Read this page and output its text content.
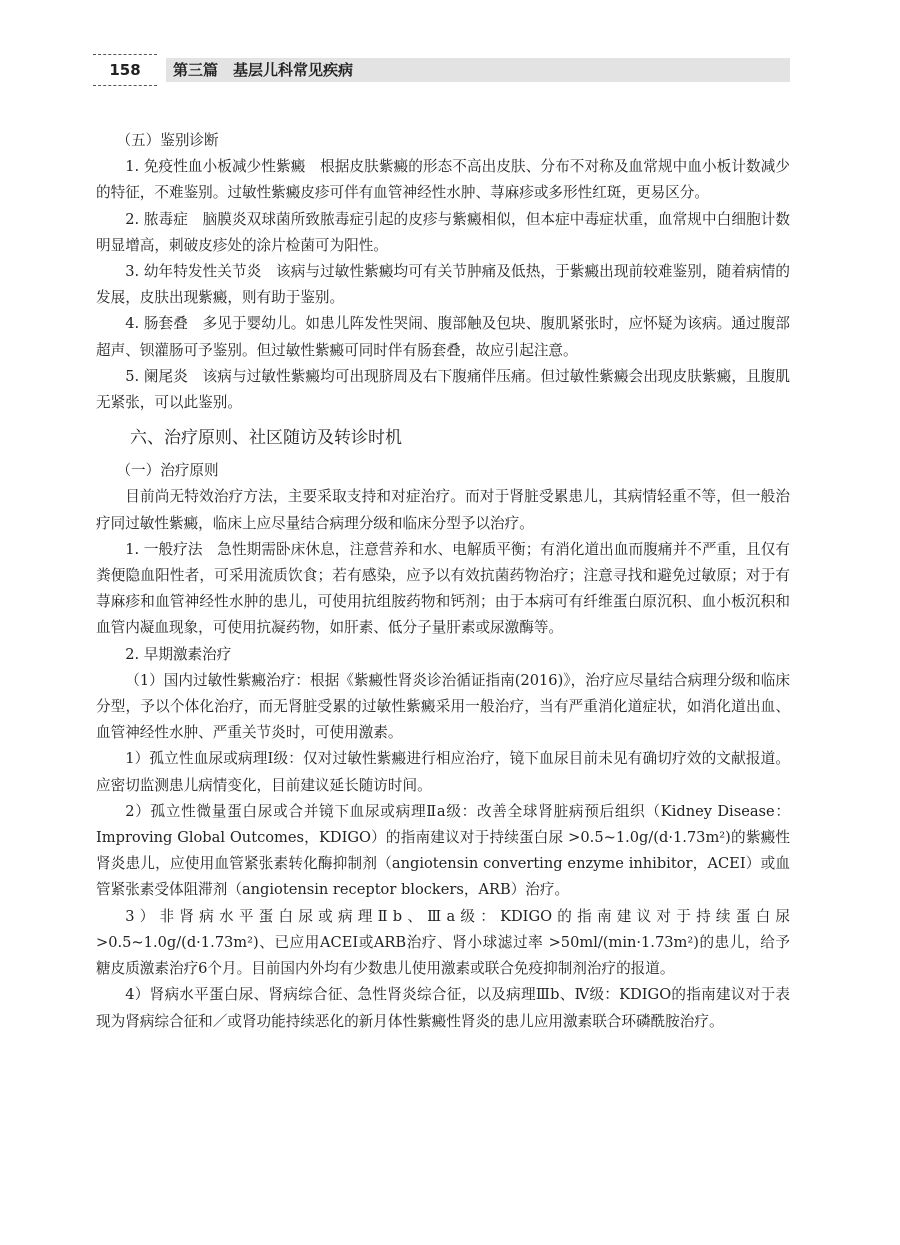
158	第三篇　基层儿科常见疾病

（五）鉴别诊断

1. 免疫性血小板减少性紫癜　根据皮肤紫癜的形态不高出皮肤、分布不对称及血常规中血小板计数减少的特征，不难鉴别。过敏性紫癜皮疹可伴有血管神经性水肿、荨麻疹或多形性红斑，更易区分。

2. 脓毒症　脑膜炎双球菌所致脓毒症引起的皮疹与紫癜相似，但本症中毒症状重，血常规中白细胞计数明显增高，刺破皮疹处的涂片检菌可为阳性。

3. 幼年特发性关节炎　该病与过敏性紫癜均可有关节肿痛及低热，于紫癜出现前较难鉴别，随着病情的发展，皮肤出现紫癜，则有助于鉴别。

4. 肠套叠　多见于婴幼儿。如患儿阵发性哭闹、腹部触及包块、腹肌紧张时，应怀疑为该病。通过腹部超声、钡灌肠可予鉴别。但过敏性紫癜可同时伴有肠套叠，故应引起注意。

5. 阑尾炎　该病与过敏性紫癜均可出现脐周及右下腹痛伴压痛。但过敏性紫癜会出现皮肤紫癜，且腹肌无紧张，可以此鉴别。

六、治疗原则、社区随访及转诊时机

（一）治疗原则

目前尚无特效治疗方法，主要采取支持和对症治疗。而对于肾脏受累患儿，其病情轻重不等，但一般治疗同过敏性紫癜，临床上应尽量结合病理分级和临床分型予以治疗。

1. 一般疗法　急性期需卧床休息，注意营养和水、电解质平衡；有消化道出血而腹痛并不严重，且仅有粪便隐血阳性者，可采用流质饮食；若有感染，应予以有效抗菌药物治疗；注意寻找和避免过敏原；对于有荨麻疹和血管神经性水肿的患儿，可使用抗组胺药物和钙剂；由于本病可有纤维蛋白原沉积、血小板沉积和血管内凝血现象，可使用抗凝药物，如肝素、低分子量肝素或尿激酶等。

2. 早期激素治疗

（1）国内过敏性紫癜治疗：根据《紫癜性肾炎诊治循证指南(2016)》，治疗应尽量结合病理分级和临床分型，予以个体化治疗，而无肾脏受累的过敏性紫癜采用一般治疗，当有严重消化道症状，如消化道出血、血管神经性水肿、严重关节炎时，可使用激素。

1）孤立性血尿或病理Ⅰ级：仅对过敏性紫癜进行相应治疗，镜下血尿目前未见有确切疗效的文献报道。应密切监测患儿病情变化，目前建议延长随访时间。

2）孤立性微量蛋白尿或合并镜下血尿或病理Ⅱa级：改善全球肾脏病预后组织（Kidney Disease：Improving Global Outcomes，KDIGO）的指南建议对于持续蛋白尿 >0.5~1.0g/(d·1.73m²)的紫癜性肾炎患儿，应使用血管紧张素转化酶抑制剂（angiotensin converting enzyme inhibitor，ACEI）或血管紧张素受体阻滞剂（angiotensin receptor blockers，ARB）治疗。

3）非肾病水平蛋白尿或病理Ⅱb、Ⅲa级：KDIGO的指南建议对于持续蛋白尿 >0.5~1.0g/(d·1.73m²)、已应用ACEI或ARB治疗、肾小球滤过率 >50ml/(min·1.73m²)的患儿，给予糖皮质激素治疗6个月。目前国内外均有少数患儿使用激素或联合免疫抑制剂治疗的报道。

4）肾病水平蛋白尿、肾病综合征、急性肾炎综合征，以及病理Ⅲb、Ⅳ级：KDIGO的指南建议对于表现为肾病综合征和／或肾功能持续恶化的新月体性紫癜性肾炎的患儿应用激素联合环磷酰胺治疗。
